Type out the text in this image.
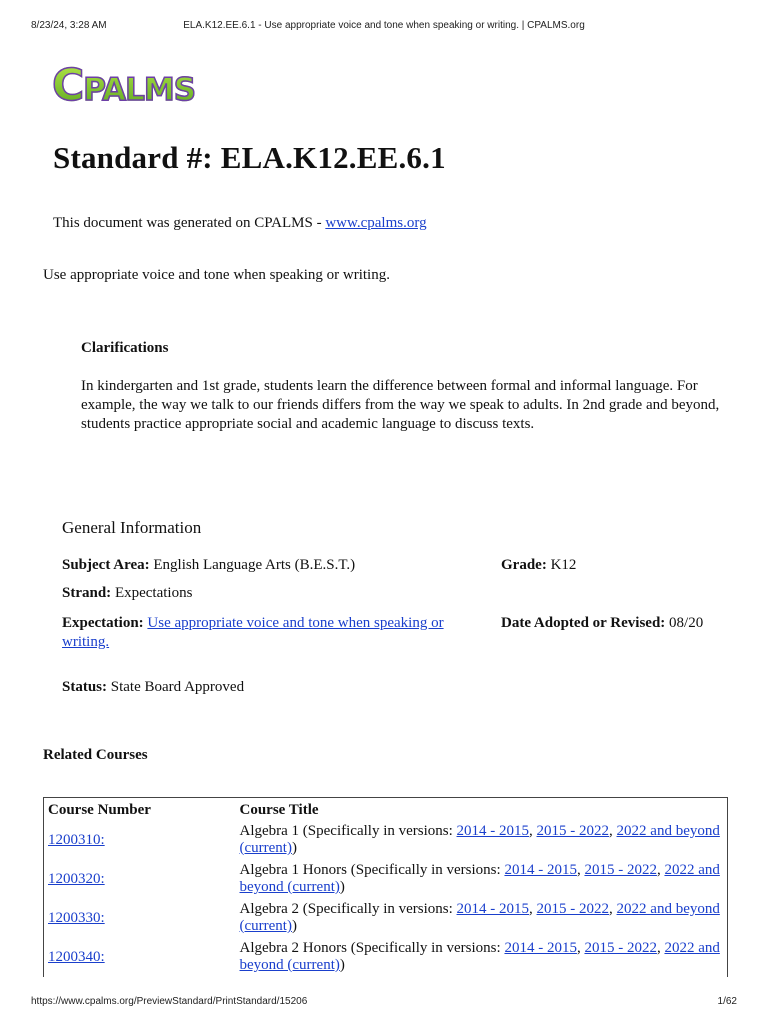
8/23/24, 3:28 AM	ELA.K12.EE.6.1 - Use appropriate voice and tone when speaking or writing. | CPALMS.org
CPALMS
Standard #: ELA.K12.EE.6.1
This document was generated on CPALMS - www.cpalms.org
Use appropriate voice and tone when speaking or writing.
Clarifications
In kindergarten and 1st grade, students learn the difference between formal and informal language. For example, the way we talk to our friends differs from the way we speak to adults. In 2nd grade and beyond, students practice appropriate social and academic language to discuss texts.
General Information
Subject Area: English Language Arts (B.E.S.T.)	Grade: K12
Strand: Expectations
Expectation: Use appropriate voice and tone when speaking or writing.
Date Adopted or Revised: 08/20
Status: State Board Approved
Related Courses
Course Number	Course Title
1200310:	Algebra 1 (Specifically in versions: 2014 - 2015, 2015 - 2022, 2022 and beyond (current))
1200320:	Algebra 1 Honors (Specifically in versions: 2014 - 2015, 2015 - 2022, 2022 and beyond (current))
1200330:	Algebra 2 (Specifically in versions: 2014 - 2015, 2015 - 2022, 2022 and beyond (current))
1200340:	Algebra 2 Honors (Specifically in versions: 2014 - 2015, 2015 - 2022, 2022 and beyond (current))
https://www.cpalms.org/PreviewStandard/PrintStandard/15206	1/62
